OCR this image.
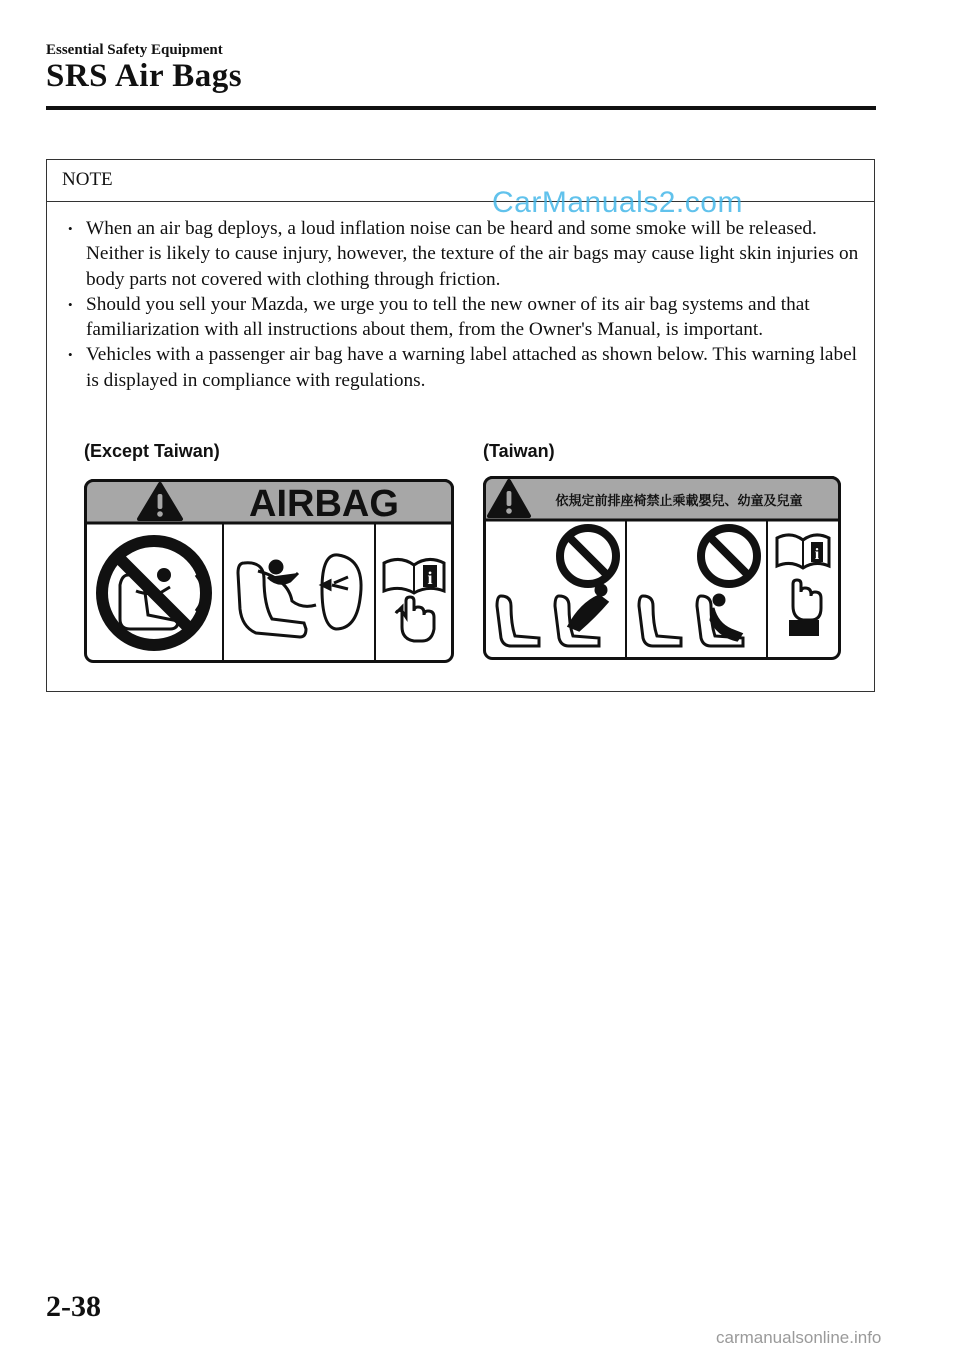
Essential Safety Equipment
SRS Air Bags
NOTE
• When an air bag deploys, a loud inflation noise can be heard and some smoke will be released. Neither is likely to cause injury, however, the texture of the air bags may cause light skin injuries on body parts not covered with clothing through friction.
• Should you sell your Mazda, we urge you to tell the new owner of its air bag systems and that familiarization with all instructions about them, from the Owner's Manual, is important.
• Vehicles with a passenger air bag have a warning label attached as shown below. This warning label is displayed in compliance with regulations.
CarManuals2.com
(Except Taiwan)
AIRBAG
i
(Taiwan)
依規定前排座椅禁止乘載嬰兒、幼童及兒童
i
2-38
carmanualsonline.info
